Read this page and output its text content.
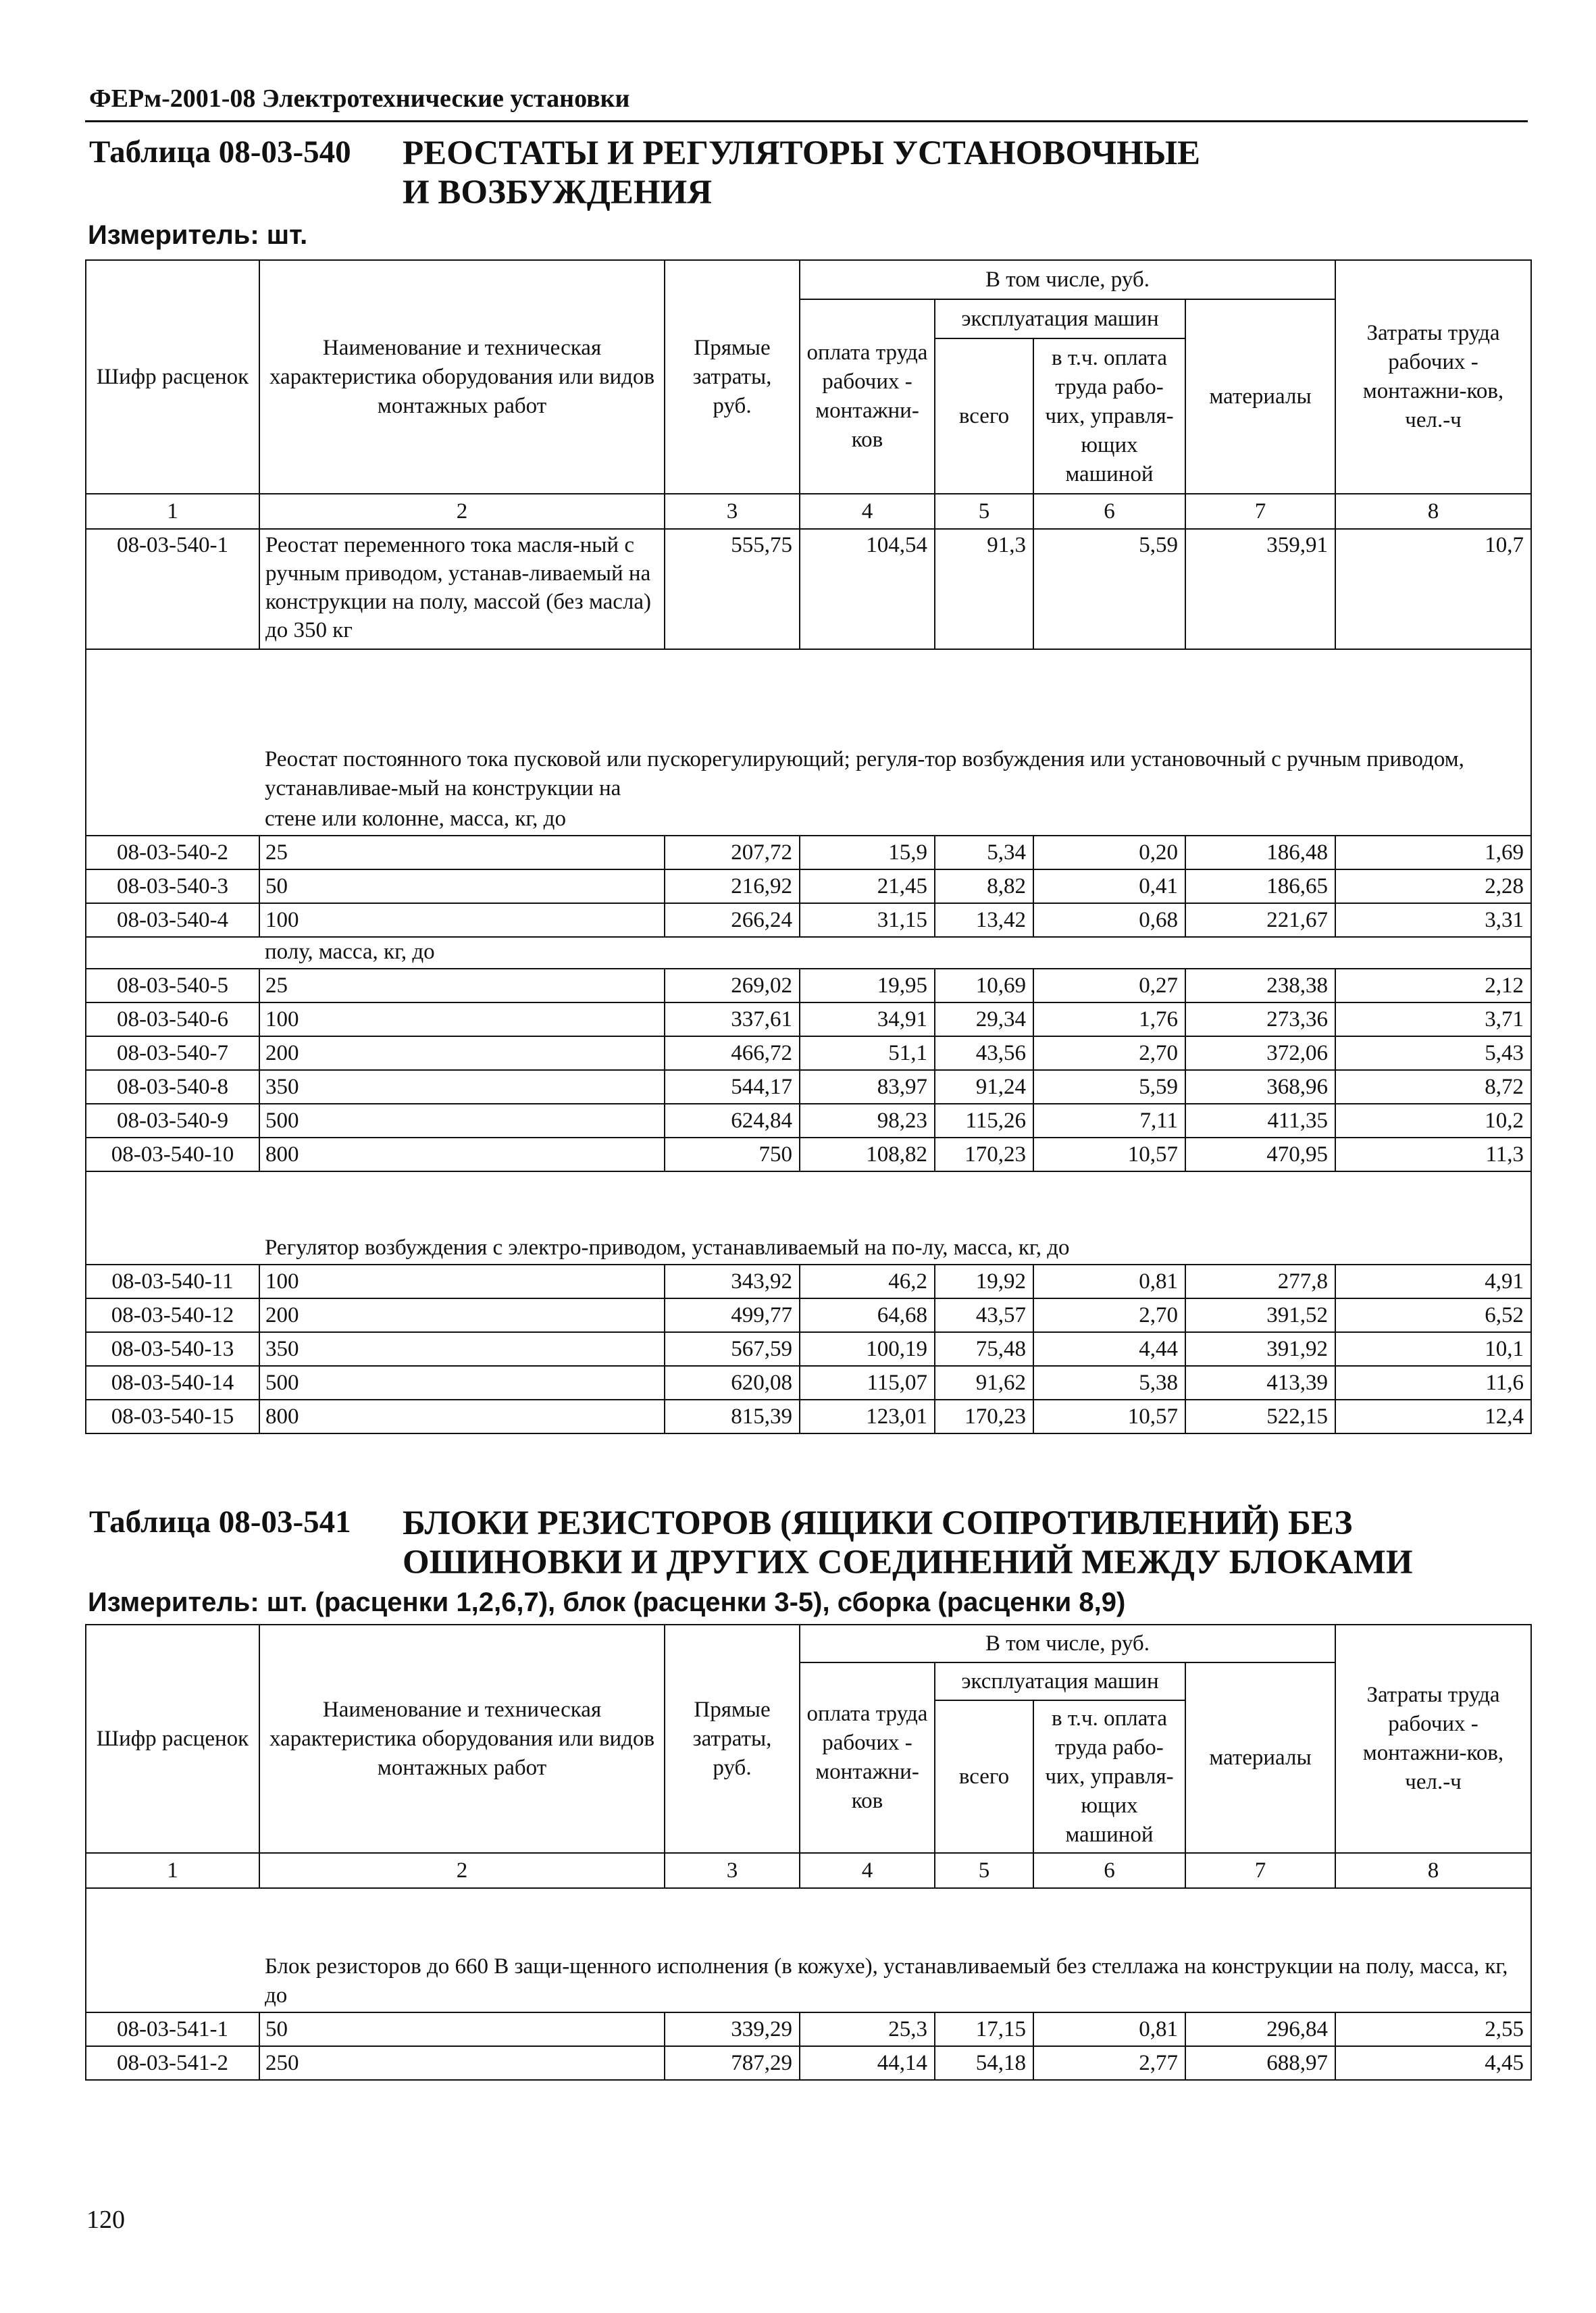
ФЕРм-2001-08 Электротехнические установки
Таблица 08-03-540 РЕОСТАТЫ И РЕГУЛЯТОРЫ УСТАНОВОЧНЫЕ
И ВОЗБУЖДЕНИЯ
Измеритель: шт.
Шифр расценок	Наименование и техническая характеристика оборудования или видов монтажных работ	Прямые затраты, руб.	В том числе, руб.				Затраты труда рабочих - монтажни-ков, чел.-ч
			оплата труда рабочих - монтажни-ков	эксплуатация машин		материалы	
				всего	в т.ч. оплата труда рабо-чих, управля-ющих машиной		
1	2	3	4	5	6	7	8
08-03-540-1	Реостат переменного тока масля-ный с ручным приводом, устанав-ливаемый на конструкции на полу, массой (без масла) до 350 кг	555,75	104,54	91,3	5,59	359,91	10,7
	Реостат постоянного тока пусковой или пускорегулирующий; регуля-тор возбуждения или установочный с ручным приводом, устанавливае-мый на конструкции на						
	стене или колонне, масса, кг, до						
08-03-540-2	25	207,72	15,9	5,34	0,20	186,48	1,69
08-03-540-3	50	216,92	21,45	8,82	0,41	186,65	2,28
08-03-540-4	100	266,24	31,15	13,42	0,68	221,67	3,31
	полу, масса, кг, до						
08-03-540-5	25	269,02	19,95	10,69	0,27	238,38	2,12
08-03-540-6	100	337,61	34,91	29,34	1,76	273,36	3,71
08-03-540-7	200	466,72	51,1	43,56	2,70	372,06	5,43
08-03-540-8	350	544,17	83,97	91,24	5,59	368,96	8,72
08-03-540-9	500	624,84	98,23	115,26	7,11	411,35	10,2
08-03-540-10	800	750	108,82	170,23	10,57	470,95	11,3
	Регулятор возбуждения с электро-приводом, устанавливаемый на по-лу, масса, кг, до						
08-03-540-11	100	343,92	46,2	19,92	0,81	277,8	4,91
08-03-540-12	200	499,77	64,68	43,57	2,70	391,52	6,52
08-03-540-13	350	567,59	100,19	75,48	4,44	391,92	10,1
08-03-540-14	500	620,08	115,07	91,62	5,38	413,39	11,6
08-03-540-15	800	815,39	123,01	170,23	10,57	522,15	12,4
Таблица 08-03-541 БЛОКИ РЕЗИСТОРОВ (ЯЩИКИ СОПРОТИВЛЕНИЙ) БЕЗ
ОШИНОВКИ И ДРУГИХ СОЕДИНЕНИЙ МЕЖДУ БЛОКАМИ
Измеритель: шт. (расценки 1,2,6,7), блок (расценки 3-5), сборка (расценки 8,9)
Шифр расценок	Наименование и техническая характеристика оборудования или видов монтажных работ	Прямые затраты, руб.	В том числе, руб.				Затраты труда рабочих - монтажни-ков, чел.-ч
			оплата труда рабочих - монтажни-ков	эксплуатация машин		материалы	
				всего	в т.ч. оплата труда рабо-чих, управля-ющих машиной		
1	2	3	4	5	6	7	8
	Блок резисторов до 660 В защи-щенного исполнения (в кожухе), устанавливаемый без стеллажа на конструкции на полу, масса, кг, до						
08-03-541-1	50	339,29	25,3	17,15	0,81	296,84	2,55
08-03-541-2	250	787,29	44,14	54,18	2,77	688,97	4,45
120
